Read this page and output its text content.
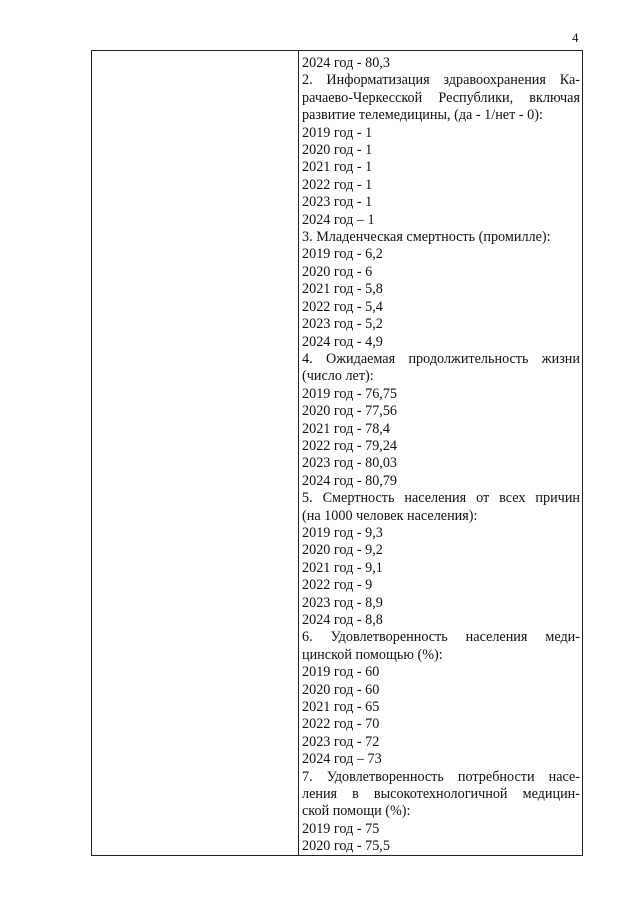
4
2024 год - 80,3
2. Информатизация здравоохранения Ка-
рачаево-Черкесской Республики, включая
развитие телемедицины, (да - 1/нет - 0):
2019 год - 1
2020 год - 1
2021 год - 1
2022 год - 1
2023 год - 1
2024 год – 1
3. Младенческая смертность (промилле):
2019 год - 6,2
2020 год - 6
2021 год - 5,8
2022 год - 5,4
2023 год - 5,2
2024 год - 4,9
4. Ожидаемая продолжительность жизни
(число лет):
2019 год - 76,75
2020 год - 77,56
2021 год - 78,4
2022 год - 79,24
2023 год - 80,03
2024 год - 80,79
5. Смертность населения от всех причин
(на 1000 человек населения):
2019 год - 9,3
2020 год - 9,2
2021 год - 9,1
2022 год - 9
2023 год - 8,9
2024 год - 8,8
6. Удовлетворенность населения меди-
цинской помощью (%):
2019 год - 60
2020 год - 60
2021 год - 65
2022 год - 70
2023 год - 72
2024 год – 73
7. Удовлетворенность потребности насе-
ления в высокотехнологичной медицин-
ской помощи (%):
2019 год - 75
2020 год - 75,5
